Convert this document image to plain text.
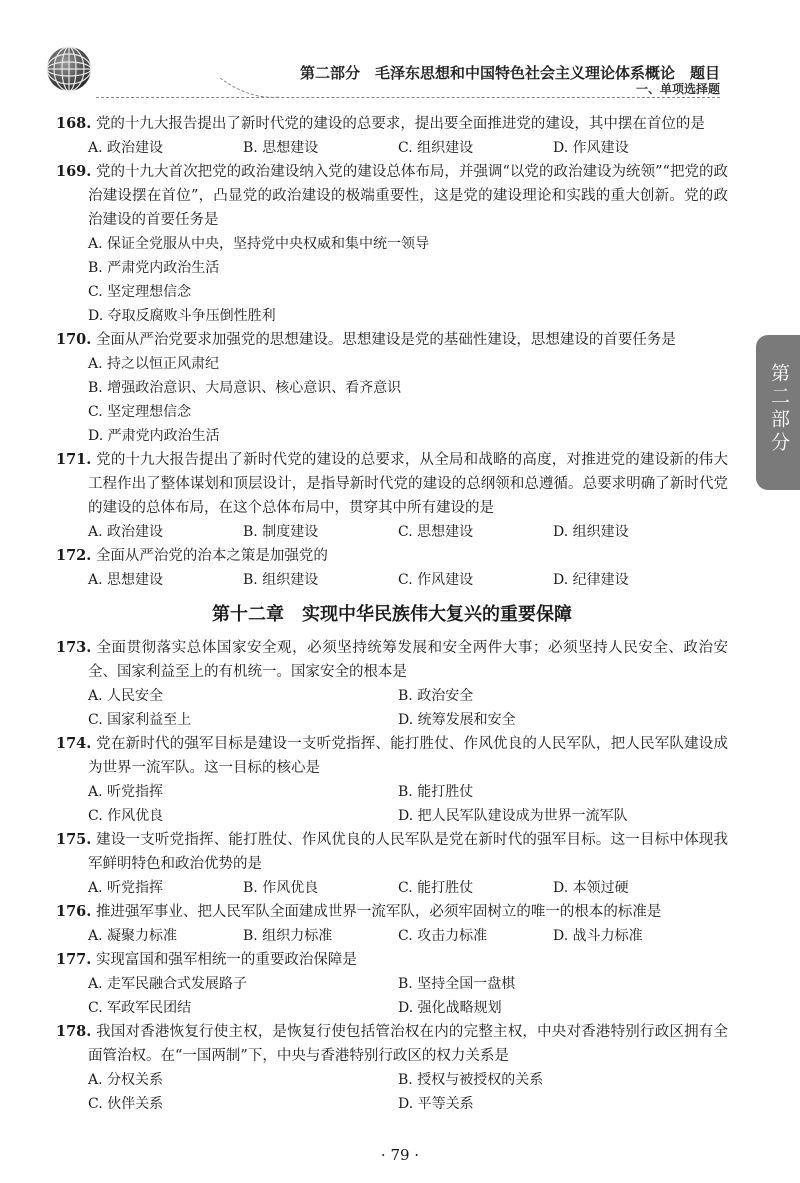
第二部分　毛泽东思想和中国特色社会主义理论体系概论　题目
一、单项选择题
第二部分
168. 党的十九大报告提出了新时代党的建设的总要求，提出要全面推进党的建设，其中摆在首位的是
A. 政治建设	B. 思想建设	C. 组织建设	D. 作风建设
169. 党的十九大首次把党的政治建设纳入党的建设总体布局，并强调“以党的政治建设为统领”“把党的政治建设摆在首位”，凸显党的政治建设的极端重要性，这是党的建设理论和实践的重大创新。党的政治建设的首要任务是
A. 保证全党服从中央，坚持党中央权威和集中统一领导
B. 严肃党内政治生活
C. 坚定理想信念
D. 夺取反腐败斗争压倒性胜利
170. 全面从严治党要求加强党的思想建设。思想建设是党的基础性建设，思想建设的首要任务是
A. 持之以恒正风肃纪
B. 增强政治意识、大局意识、核心意识、看齐意识
C. 坚定理想信念
D. 严肃党内政治生活
171. 党的十九大报告提出了新时代党的建设的总要求，从全局和战略的高度，对推进党的建设新的伟大工程作出了整体谋划和顶层设计，是指导新时代党的建设的总纲领和总遵循。总要求明确了新时代党的建设的总体布局，在这个总体布局中，贯穿其中所有建设的是
A. 政治建设	B. 制度建设	C. 思想建设	D. 组织建设
172. 全面从严治党的治本之策是加强党的
A. 思想建设	B. 组织建设	C. 作风建设	D. 纪律建设
第十二章　实现中华民族伟大复兴的重要保障
173. 全面贯彻落实总体国家安全观，必须坚持统筹发展和安全两件大事；必须坚持人民安全、政治安全、国家利益至上的有机统一。国家安全的根本是
A. 人民安全	B. 政治安全
C. 国家利益至上	D. 统筹发展和安全
174. 党在新时代的强军目标是建设一支听党指挥、能打胜仗、作风优良的人民军队，把人民军队建设成为世界一流军队。这一目标的核心是
A. 听党指挥	B. 能打胜仗
C. 作风优良	D. 把人民军队建设成为世界一流军队
175. 建设一支听党指挥、能打胜仗、作风优良的人民军队是党在新时代的强军目标。这一目标中体现我军鲜明特色和政治优势的是
A. 听党指挥	B. 作风优良	C. 能打胜仗	D. 本领过硬
176. 推进强军事业、把人民军队全面建成世界一流军队，必须牢固树立的唯一的根本的标准是
A. 凝聚力标准	B. 组织力标准	C. 攻击力标准	D. 战斗力标准
177. 实现富国和强军相统一的重要政治保障是
A. 走军民融合式发展路子	B. 坚持全国一盘棋
C. 军政军民团结	D. 强化战略规划
178. 我国对香港恢复行使主权，是恢复行使包括管治权在内的完整主权，中央对香港特别行政区拥有全面管治权。在“一国两制”下，中央与香港特别行政区的权力关系是
A. 分权关系	B. 授权与被授权的关系
C. 伙伴关系	D. 平等关系
· 79 ·
